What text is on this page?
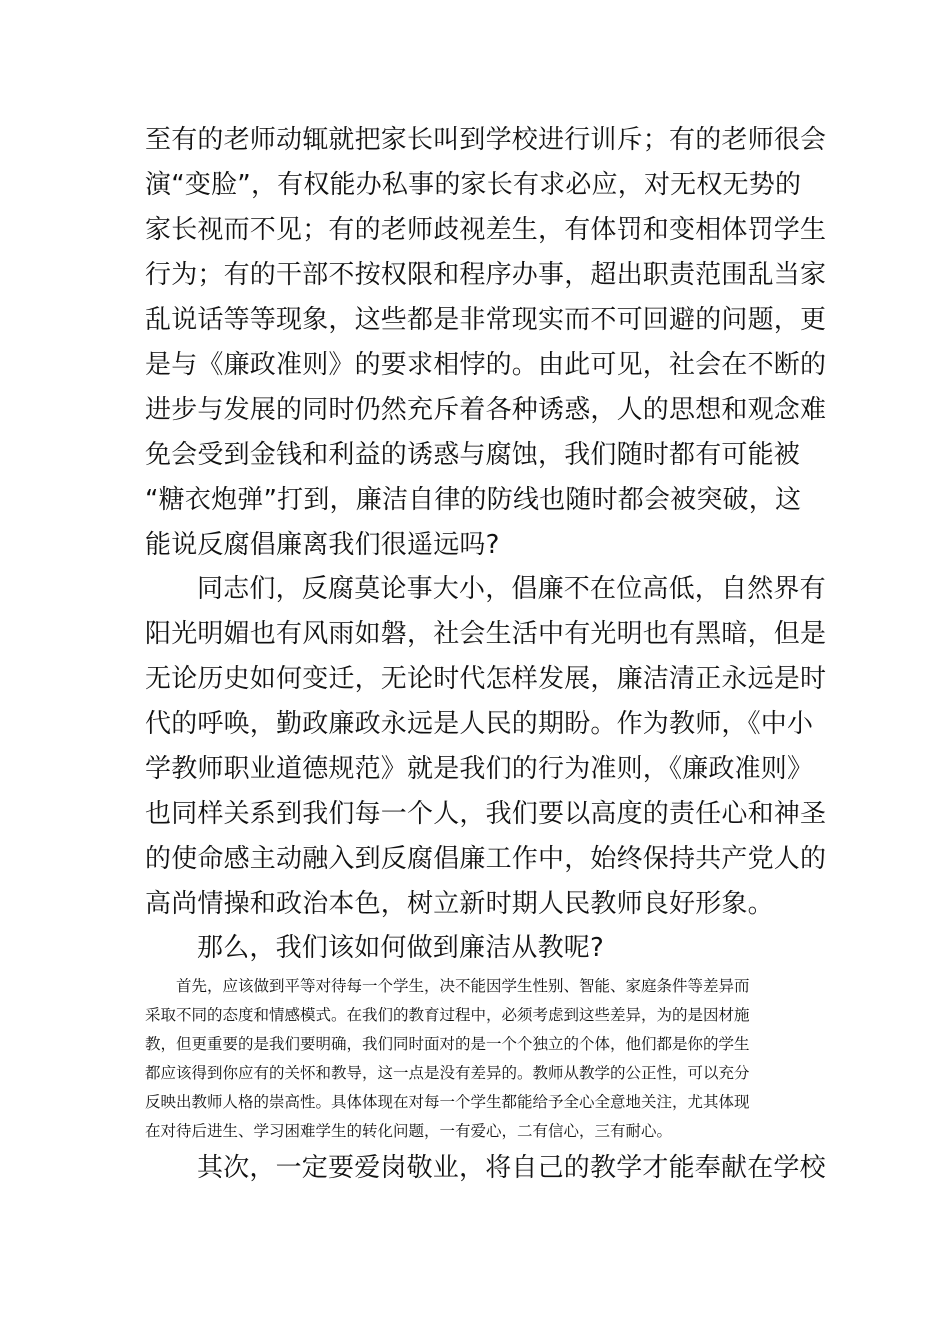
至有的老师动辄就把家长叫到学校进行训斥；有的老师很会
演“变脸”，有权能办私事的家长有求必应，对无权无势的
家长视而不见；有的老师歧视差生，有体罚和变相体罚学生
行为；有的干部不按权限和程序办事，超出职责范围乱当家
乱说话等等现象，这些都是非常现实而不可回避的问题，更
是与《廉政准则》的要求相悖的。由此可见，社会在不断的
进步与发展的同时仍然充斥着各种诱惑，人的思想和观念难
免会受到金钱和利益的诱惑与腐蚀，我们随时都有可能被
“糖衣炮弹”打到，廉洁自律的防线也随时都会被突破，这
能说反腐倡廉离我们很遥远吗?
同志们，反腐莫论事大小，倡廉不在位高低，自然界有
阳光明媚也有风雨如磐，社会生活中有光明也有黑暗，但是
无论历史如何变迁，无论时代怎样发展，廉洁清正永远是时
代的呼唤，勤政廉政永远是人民的期盼。作为教师，《中小
学教师职业道德规范》就是我们的行为准则，《廉政准则》
也同样关系到我们每一个人，我们要以高度的责任心和神圣
的使命感主动融入到反腐倡廉工作中，始终保持共产党人的
高尚情操和政治本色，树立新时期人民教师良好形象。
那么，我们该如何做到廉洁从教呢?
首先，应该做到平等对待每一个学生，决不能因学生性别、智能、家庭条件等差异而
采取不同的态度和情感模式。在我们的教育过程中，必须考虑到这些差异，为的是因材施
教，但更重要的是我们要明确，我们同时面对的是一个个独立的个体，他们都是你的学生
都应该得到你应有的关怀和教导，这一点是没有差异的。教师从教学的公正性，可以充分
反映出教师人格的崇高性。具体体现在对每一个学生都能给予全心全意地关注，尤其体现
在对待后进生、学习困难学生的转化问题，一有爱心，二有信心，三有耐心。
其次，一定要爱岗敬业，将自己的教学才能奉献在学校
